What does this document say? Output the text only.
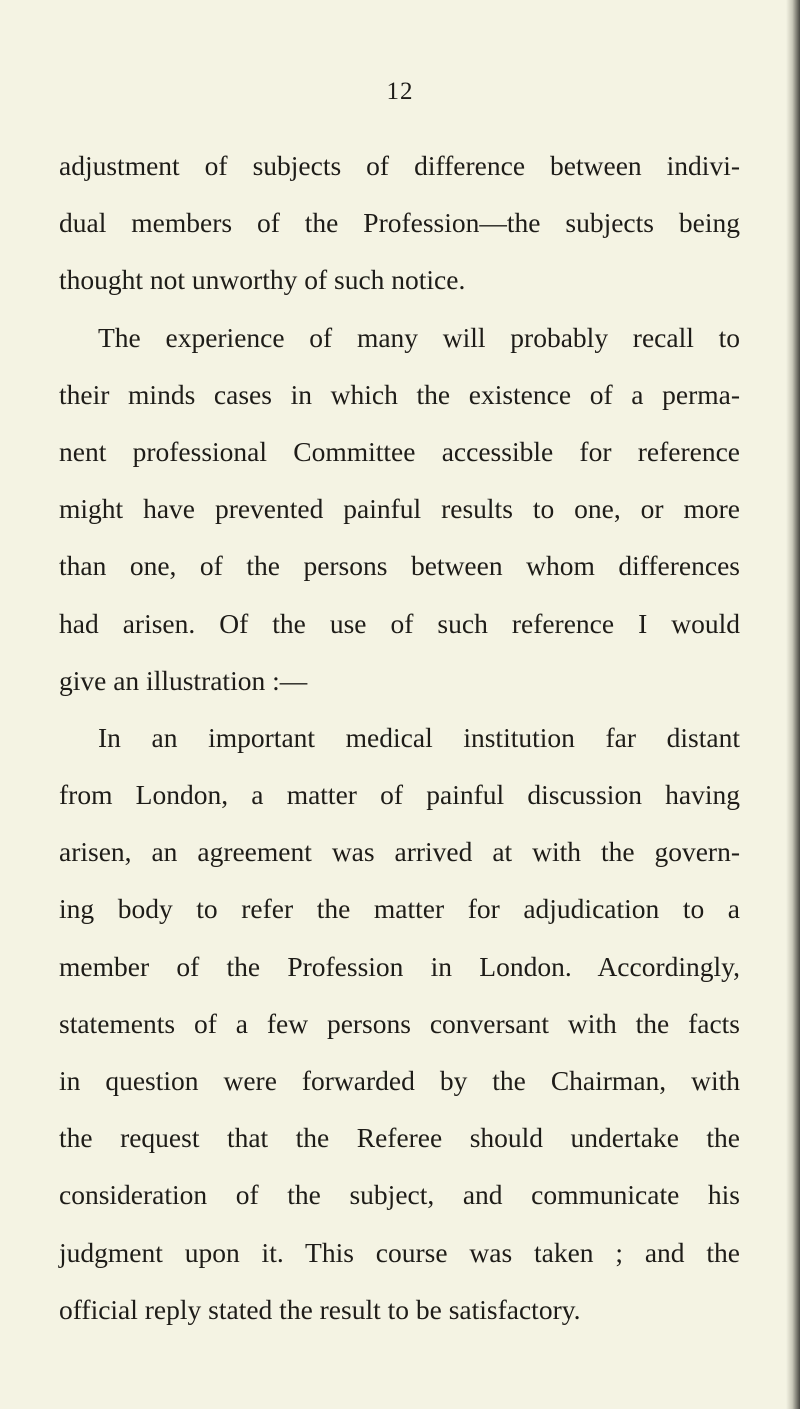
12
adjustment of subjects of difference between indivi-
dual members of the Profession—the subjects being
thought not unworthy of such notice.
The experience of many will probably recall to
their minds cases in which the existence of a perma-
nent professional Committee accessible for reference
might have prevented painful results to one, or more
than one, of the persons between whom differences
had arisen. Of the use of such reference I would
give an illustration :—
In an important medical institution far distant
from London, a matter of painful discussion having
arisen, an agreement was arrived at with the govern-
ing body to refer the matter for adjudication to a
member of the Profession in London. Accordingly,
statements of a few persons conversant with the facts
in question were forwarded by the Chairman, with
the request that the Referee should undertake the
consideration of the subject, and communicate his
judgment upon it. This course was taken ; and the
official reply stated the result to be satisfactory.
